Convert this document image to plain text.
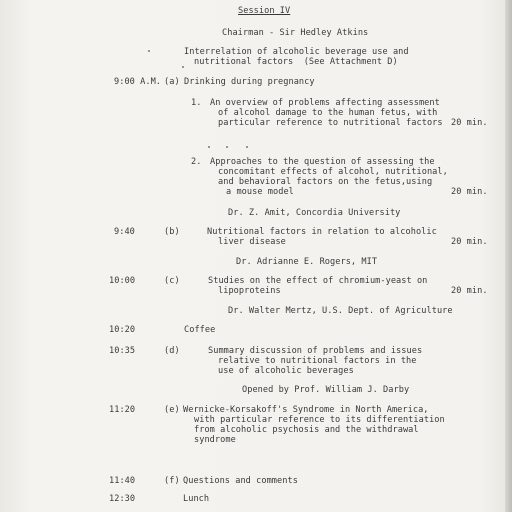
Session IV
Chairman - Sir Hedley Atkins
Interrelation of alcoholic beverage use and
nutritional factors  (See Attachment D)
9:00 A.M. (a) Drinking during pregnancy
1. An overview of problems affecting assessment
of alcohol damage to the human fetus, with
particular reference to nutritional factors 20 min.
2. Approaches to the question of assessing the
concomitant effects of alcohol, nutritional,
and behavioral factors on the fetus,using
a mouse model	20 min.
Dr. Z. Amit, Concordia University
9:40	(b)	Nutritional factors in relation to alcoholic
liver disease	20 min.
Dr. Adrianne E. Rogers, MIT
10:00	(c)	Studies on the effect of chromium-yeast on
lipoproteins	20 min.
Dr. Walter Mertz, U.S. Dept. of Agriculture
10:20	Coffee
10:35	(d)	Summary discussion of problems and issues
relative to nutritional factors in the
use of alcoholic beverages
Opened by Prof. William J. Darby
11:20	(e) Wernicke-Korsakoff's Syndrome in North America,
with particular reference to its differentiation
from alcoholic psychosis and the withdrawal
syndrome
11:40	(f) Questions and comments
12:30	Lunch
